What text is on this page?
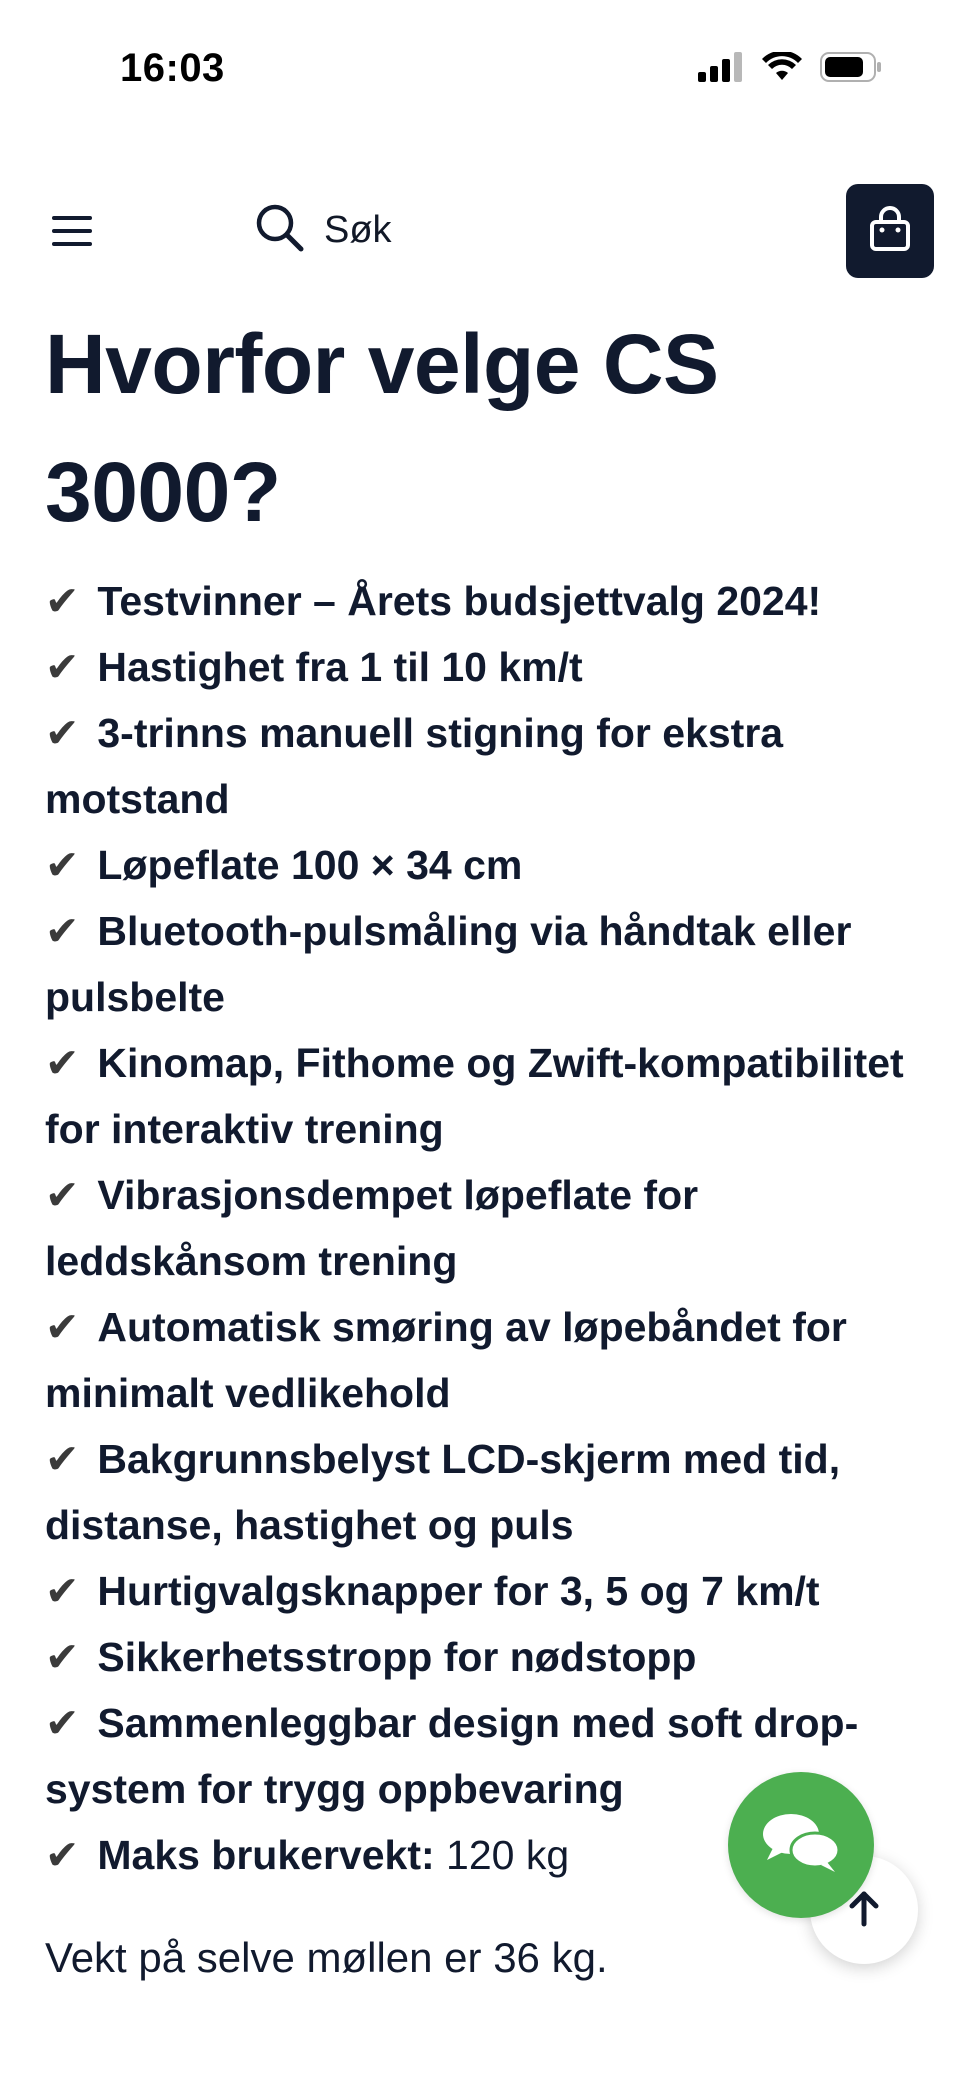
16:03
Søk
Hvorfor velge CS 3000?
✔ Testvinner – Årets budsjettvalg 2024!
✔ Hastighet fra 1 til 10 km/t
✔ 3-trinns manuell stigning for ekstra motstand
✔ Løpeflate 100 × 34 cm
✔ Bluetooth-pulsmåling via håndtak eller pulsbelte
✔ Kinomap, Fithome og Zwift-kompatibilitet for interaktiv trening
✔ Vibrasjonsdempet løpeflate for leddskånsom trening
✔ Automatisk smøring av løpebåndet for minimalt vedlikehold
✔ Bakgrunnsbelyst LCD-skjerm med tid, distanse, hastighet og puls
✔ Hurtigvalgsknapper for 3, 5 og 7 km/t
✔ Sikkerhetsstropp for nødstopp
✔ Sammenleggbar design med soft drop-system for trygg oppbevaring
✔ Maks brukervekt: 120 kg

Vekt på selve møllen er 36 kg.
